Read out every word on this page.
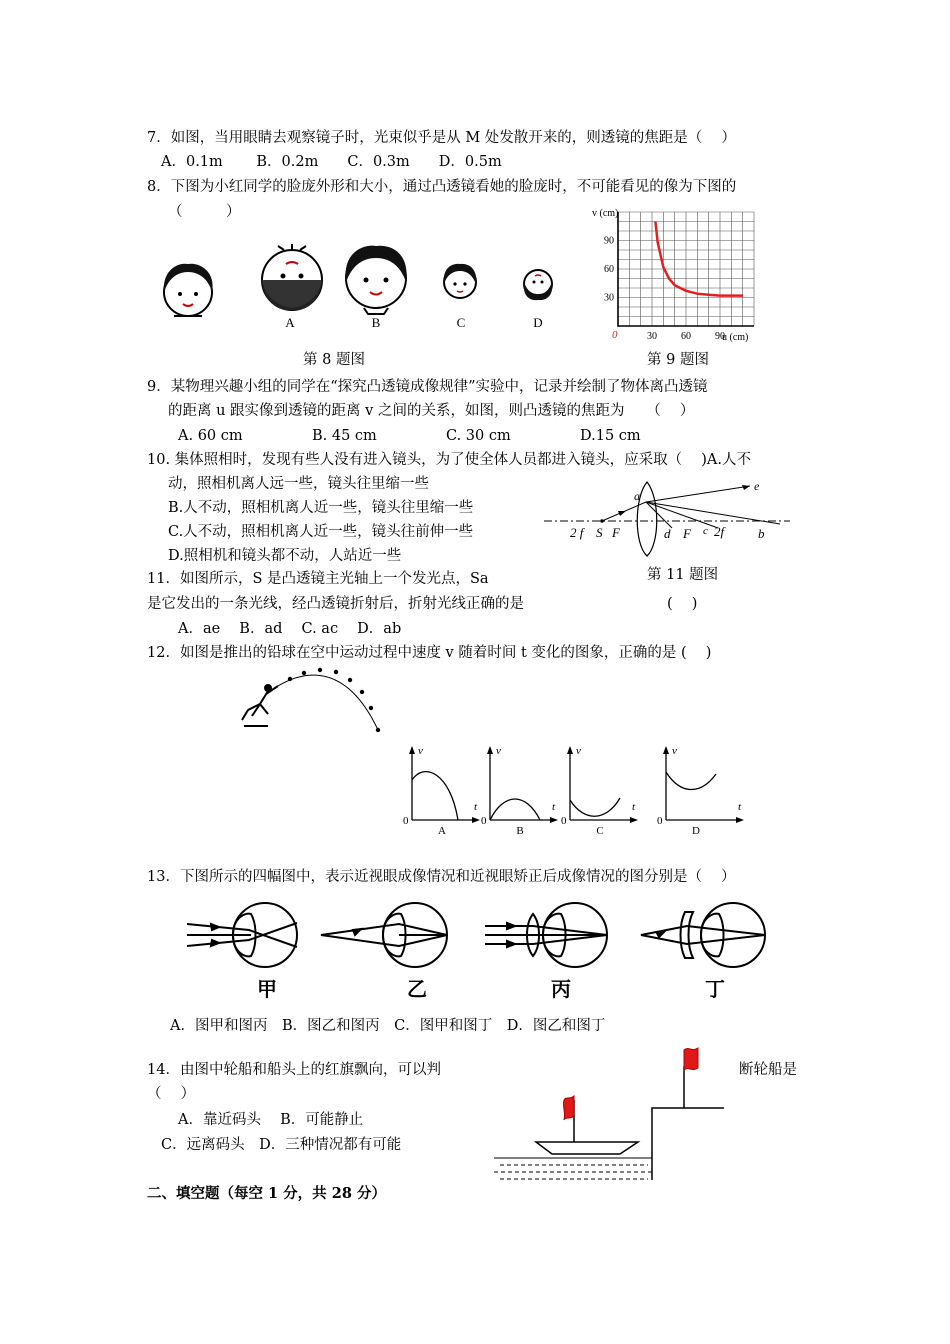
7．如图，当用眼睛去观察镜子时，光束似乎是从 M 处发散开来的，则透镜的焦距是（　 ）
A．0.1m　　 B．0.2m　　C．0.3m　　D．0.5m
8．下图为小红同学的脸庞外形和大小，通过凸透镜看她的脸庞时，不可能看见的像为下图的
（　　　）
A	B	C	D
第 8 题图
30 60 90
30
60
90
v (cm)
u (cm)
0
第 9 题图
9．某物理兴趣小组的同学在“探究凸透镜成像规律”实验中，记录并绘制了物体离凸透镜
的距离 u 跟实像到透镜的距离 v 之间的关系，如图，则凸透镜的焦距为　　（　 ）
A. 60 cm	B. 45 cm	C. 30 cm	D.15 cm
10. 集体照相时，发现有些人没有进入镜头，为了使全体人员都进入镜头，应采取（　 )A.人不
动，照相机离人远一些，镜头往里缩一些
B.人不动，照相机离人近一些，镜头往里缩一些
C.人不动，照相机离人近一些，镜头往前伸一些
D.照相机和镜头都不动，人站近一些
2 f S F
a
e
d F c 2f	b
第 11 题图
11．如图所示，S 是凸透镜主光轴上一个发光点，Sa
是它发出的一条光线，经凸透镜折射后，折射光线正确的是	(　 )
A．ae　 B．ad　 C. ac　 D．ab
12．如图是推出的铅球在空中运动过程中速度 v 随着时间 t 变化的图象，正确的是 (　 )
v
t
0
A
v
t
0
B
v
t
0
C
v
t
0
D
13．下图所示的四幅图中，表示近视眼成像情况和近视眼矫正后成像情况的图分别是（　 ）
甲	乙	丙	丁
A．图甲和图丙　B．图乙和图丙　C．图甲和图丁　D．图乙和图丁
14．由图中轮船和船头上的红旗飘向，可以判	断轮船是
（　 ）
A．靠近码头　 B．可能静止
C．远离码头　D．三种情况都有可能
二、填空题（每空 1 分，共 28 分）
